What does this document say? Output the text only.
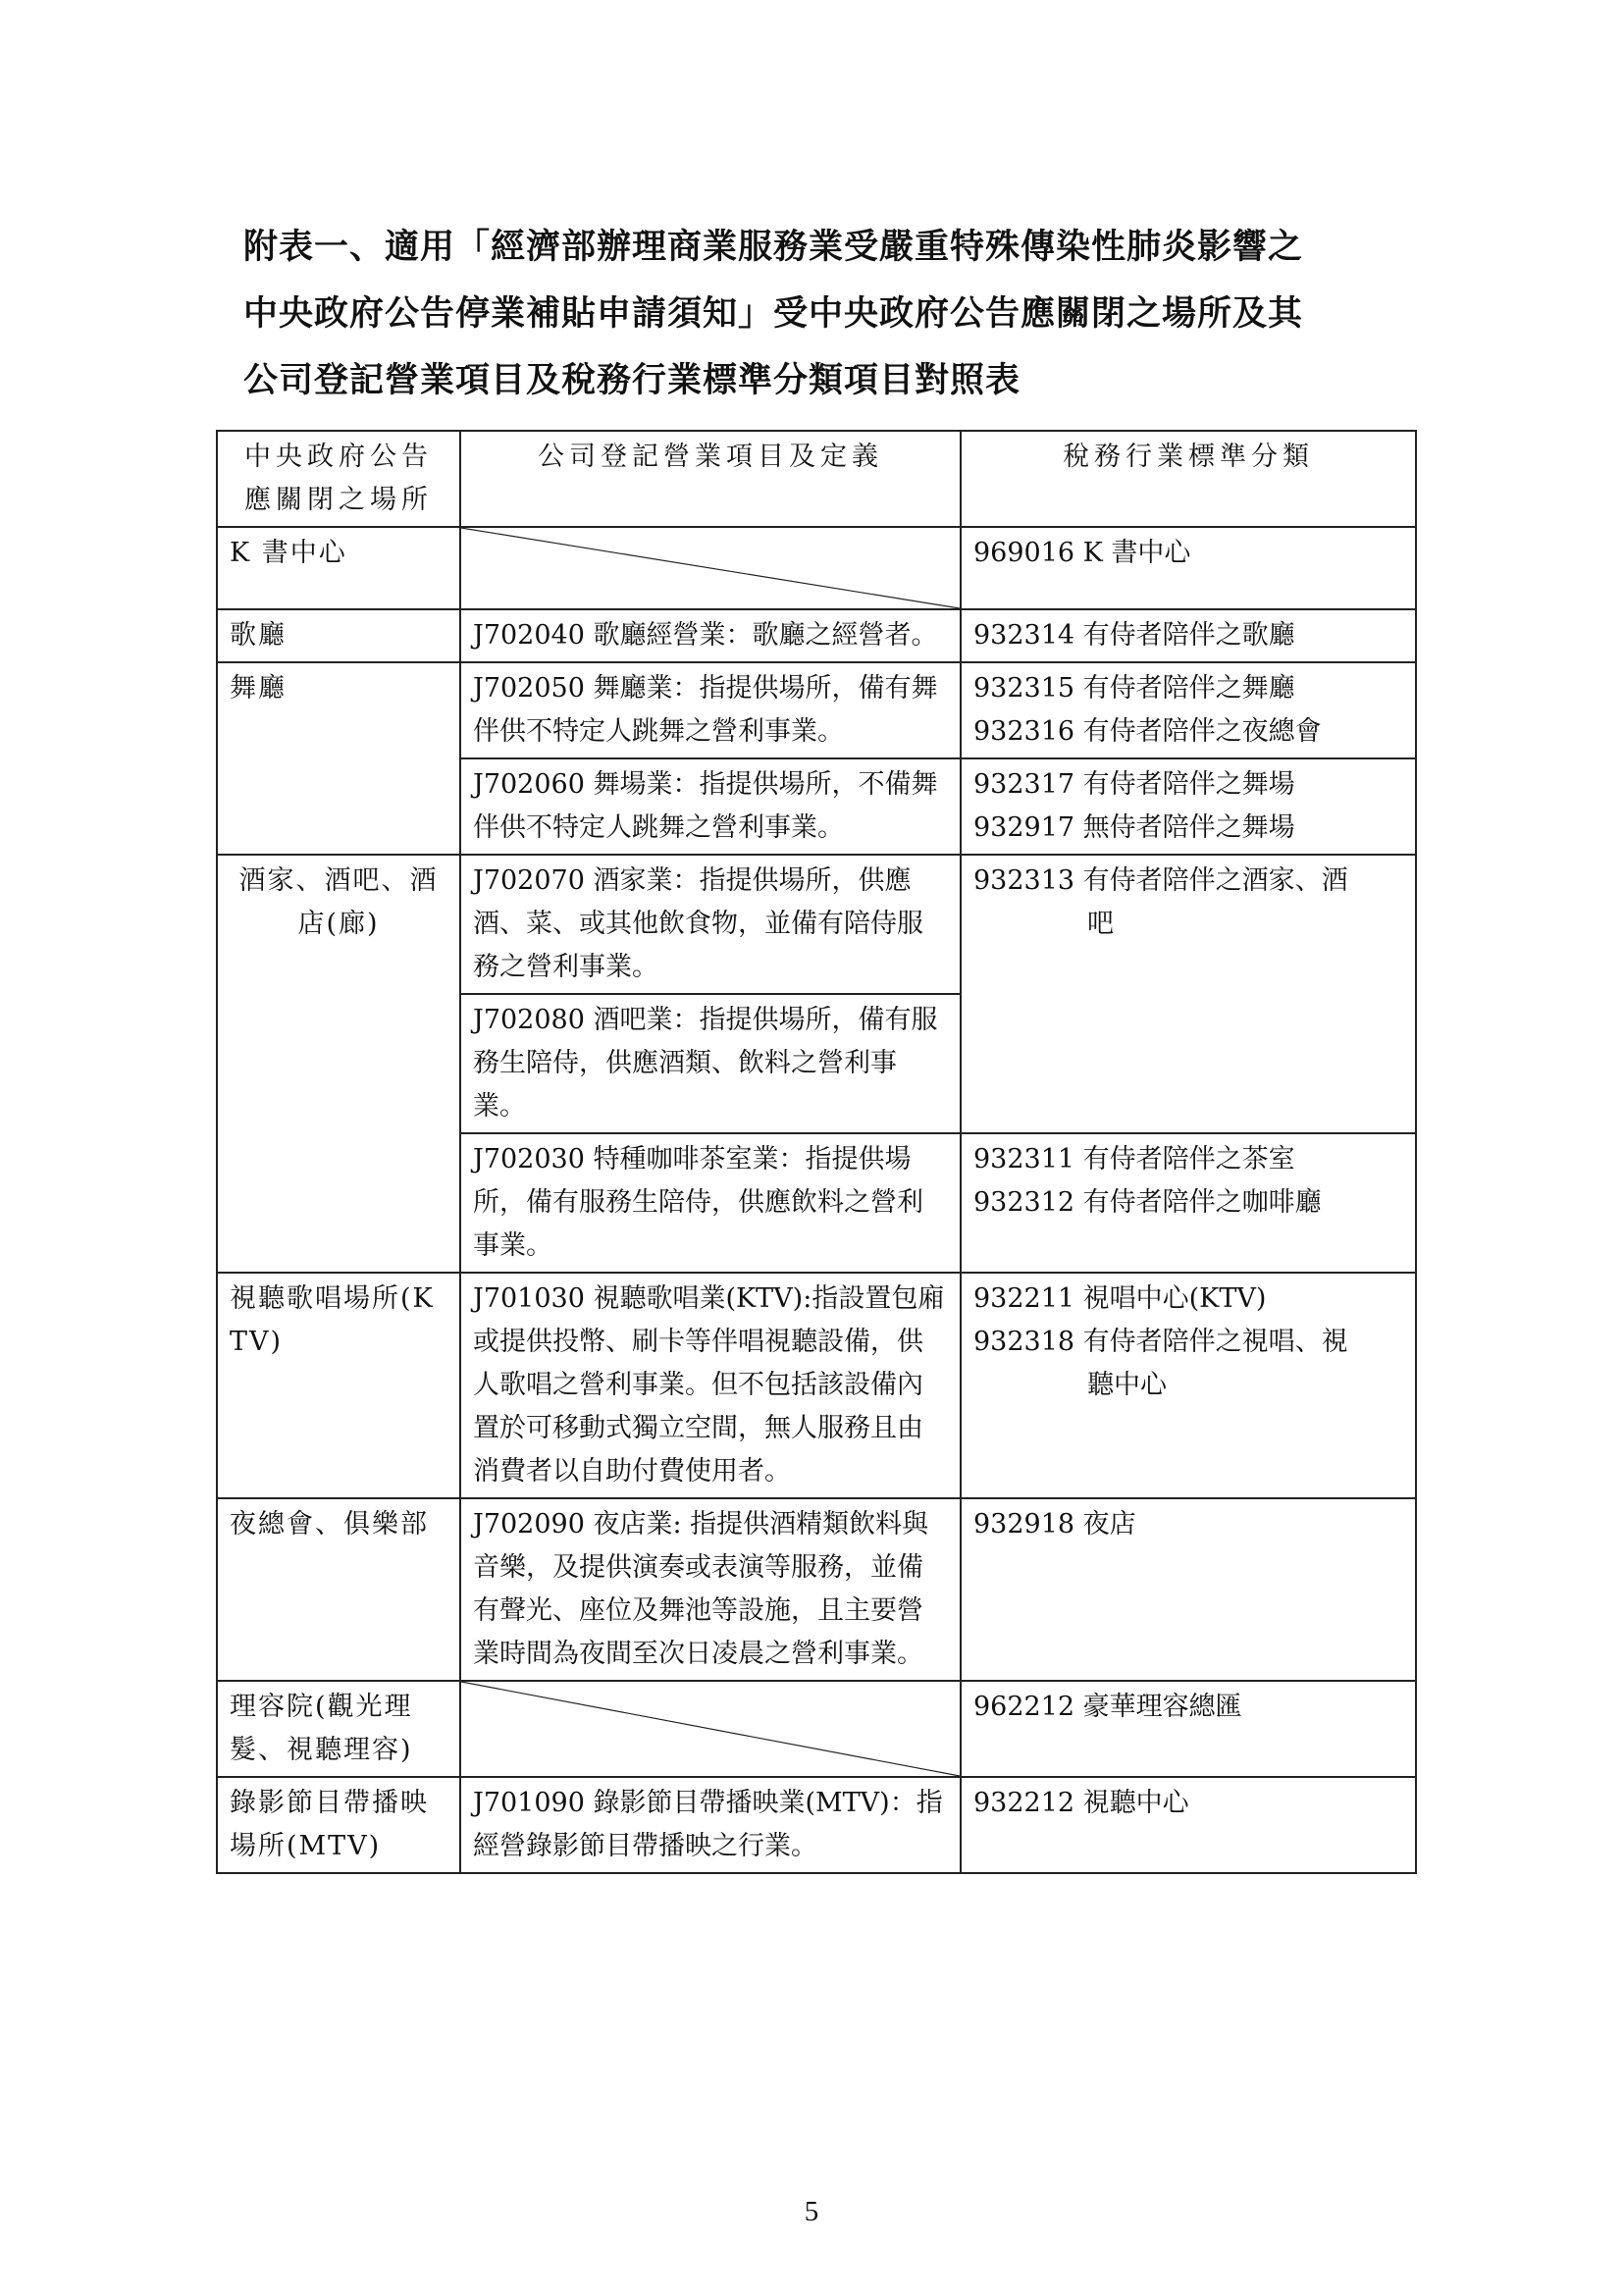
附表一、適用「經濟部辦理商業服務業受嚴重特殊傳染性肺炎影響之
中央政府公告停業補貼申請須知」受中央政府公告應關閉之場所及其
公司登記營業項目及稅務行業標準分類項目對照表
中央政府公告
應關閉之場所	公司登記營業項目及定義	稅務行業標準分類
K 書中心		969016 K 書中心

歌廳	J702040 歌廳經營業：歌廳之經營者。	932314 有侍者陪伴之歌廳

舞廳	J702050 舞廳業：指提供場所，備有舞伴供不特定人跳舞之營利事業。	932315 有侍者陪伴之舞廳
932316 有侍者陪伴之夜總會

	J702060 舞場業：指提供場所，不備舞伴供不特定人跳舞之營利事業。	932317 有侍者陪伴之舞場
932917 無侍者陪伴之舞場

酒家、酒吧、酒店(廊)	J702070 酒家業：指提供場所，供應酒、菜、或其他飲食物，並備有陪侍服務之營利事業。	932313 有侍者陪伴之酒家、酒
吧

	J702080 酒吧業：指提供場所，備有服務生陪侍，供應酒類、飲料之營利事業。	
	J702030 特種咖啡茶室業：指提供場所，備有服務生陪侍，供應飲料之營利事業。	932311 有侍者陪伴之茶室
932312 有侍者陪伴之咖啡廳

視聽歌唱場所(KTV)	J701030 視聽歌唱業(KTV):指設置包廂或提供投幣、刷卡等伴唱視聽設備，供人歌唱之營利事業。但不包括該設備內置於可移動式獨立空間，無人服務且由消費者以自助付費使用者。	932211 視唱中心(KTV)
932318 有侍者陪伴之視唱、視
聽中心

夜總會、俱樂部	J702090 夜店業: 指提供酒精類飲料與音樂，及提供演奏或表演等服務，並備有聲光、座位及舞池等設施，且主要營業時間為夜間至次日凌晨之營利事業。	932918 夜店

理容院(觀光理髮、視聽理容)		962212 豪華理容總匯

錄影節目帶播映場所(MTV)	J701090 錄影節目帶播映業(MTV)：指經營錄影節目帶播映之行業。	932212 視聽中心
5
